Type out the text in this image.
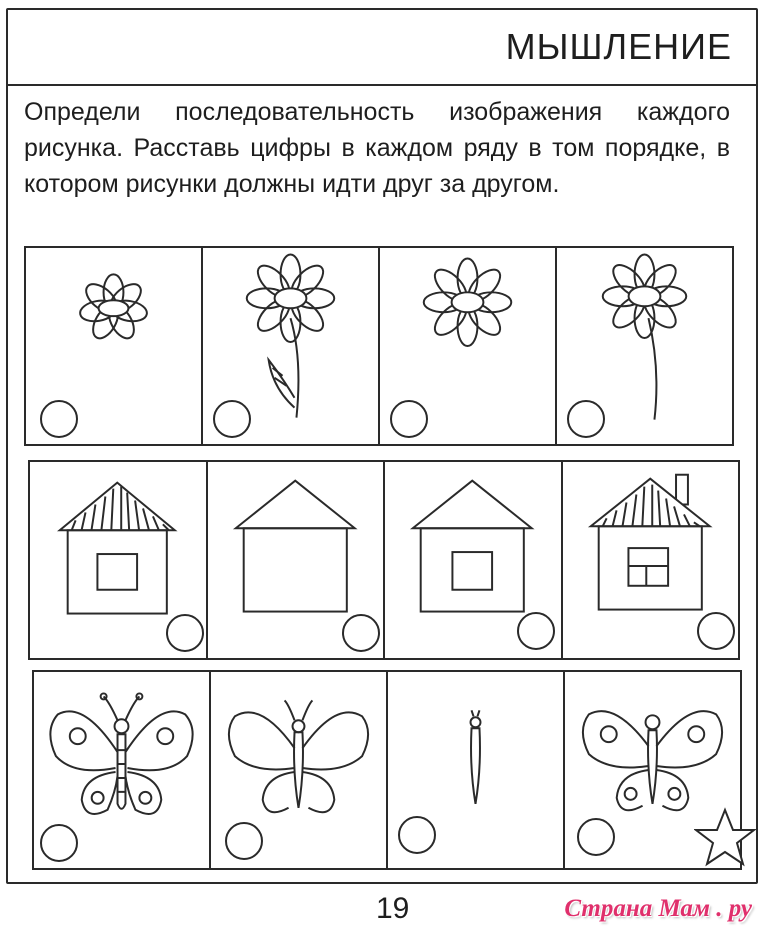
МЫШЛЕНИЕ
Определи последовательность изображения каждого рисунка. Расставь цифры в каждом ряду в том порядке, в котором рисунки должны идти друг за другом.
19	Страна Мам . ру
